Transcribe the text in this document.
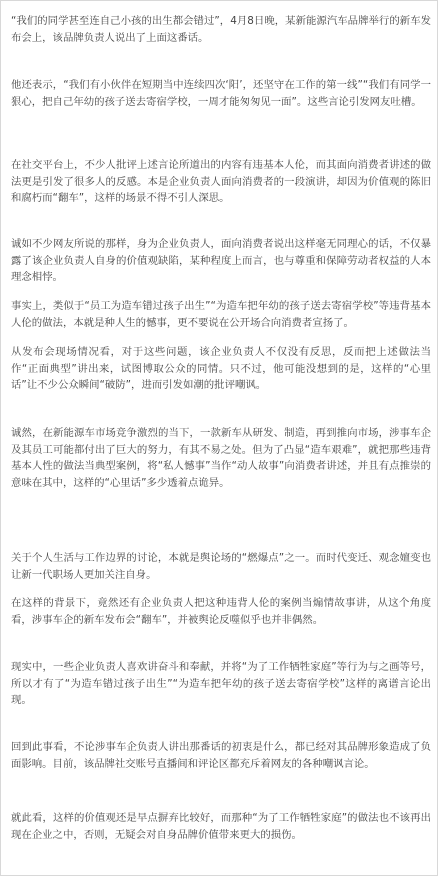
“我们的同学甚至连自己小孩的出生都会错过”，4月8日晚，某新能源汽车品牌举行的新车发布会上，该品牌负责人说出了上面这番话。

他还表示，“我们有小伙伴在短期当中连续四次‘阳’，还坚守在工作的第一线”“我们有同学一狠心，把自己年幼的孩子送去寄宿学校，一周才能匆匆见一面”。这些言论引发网友吐槽。

在社交平台上，不少人批评上述言论所道出的内容有违基本人伦，而其面向消费者讲述的做法更是引发了很多人的反感。本是企业负责人面向消费者的一段演讲，却因为价值观的陈旧和腐朽而“翻车”，这样的场景不得不引人深思。

诚如不少网友所说的那样，身为企业负责人，面向消费者说出这样毫无同理心的话，不仅暴露了该企业负责人自身的价值观缺陷，某种程度上而言，也与尊重和保障劳动者权益的人本理念相悖。

事实上，类似于“员工为造车错过孩子出生”“为造车把年幼的孩子送去寄宿学校”等违背基本人伦的做法，本就是种人生的憾事，更不要说在公开场合向消费者宣扬了。

从发布会现场情况看，对于这些问题，该企业负责人不仅没有反思，反而把上述做法当作“正面典型”讲出来，试图博取公众的同情。只不过，他可能没想到的是，这样的“心里话”让不少公众瞬间“破防”，进而引发如潮的批评嘲讽。

诚然，在新能源车市场竞争激烈的当下，一款新车从研发、制造，再到推向市场，涉事车企及其员工可能都付出了巨大的努力，有其不易之处。但为了凸显“造车艰难”，就把那些违背基本人性的做法当典型案例，将“私人憾事”当作“动人故事”向消费者讲述，并且有点推崇的意味在其中，这样的“心里话”多少透着点诡异。

关于个人生活与工作边界的讨论，本就是舆论场的“燃爆点”之一。而时代变迁、观念嬗变也让新一代职场人更加关注自身。

在这样的背景下，竟然还有企业负责人把这种违背人伦的案例当煽情故事讲，从这个角度看，涉事车企的新车发布会“翻车”，并被舆论反噬似乎也并非偶然。

现实中，一些企业负责人喜欢讲奋斗和奉献，并将“为了工作牺牲家庭”等行为与之画等号，所以才有了“为造车错过孩子出生”“为造车把年幼的孩子送去寄宿学校”这样的离谱言论出现。

回到此事看，不论涉事车企负责人讲出那番话的初衷是什么，都已经对其品牌形象造成了负面影响。目前，该品牌社交账号直播间和评论区都充斥着网友的各种嘲讽言论。

就此看，这样的价值观还是早点摒弃比较好，而那种“为了工作牺牲家庭”的做法也不该再出现在企业之中，否则，无疑会对自身品牌价值带来更大的损伤。
